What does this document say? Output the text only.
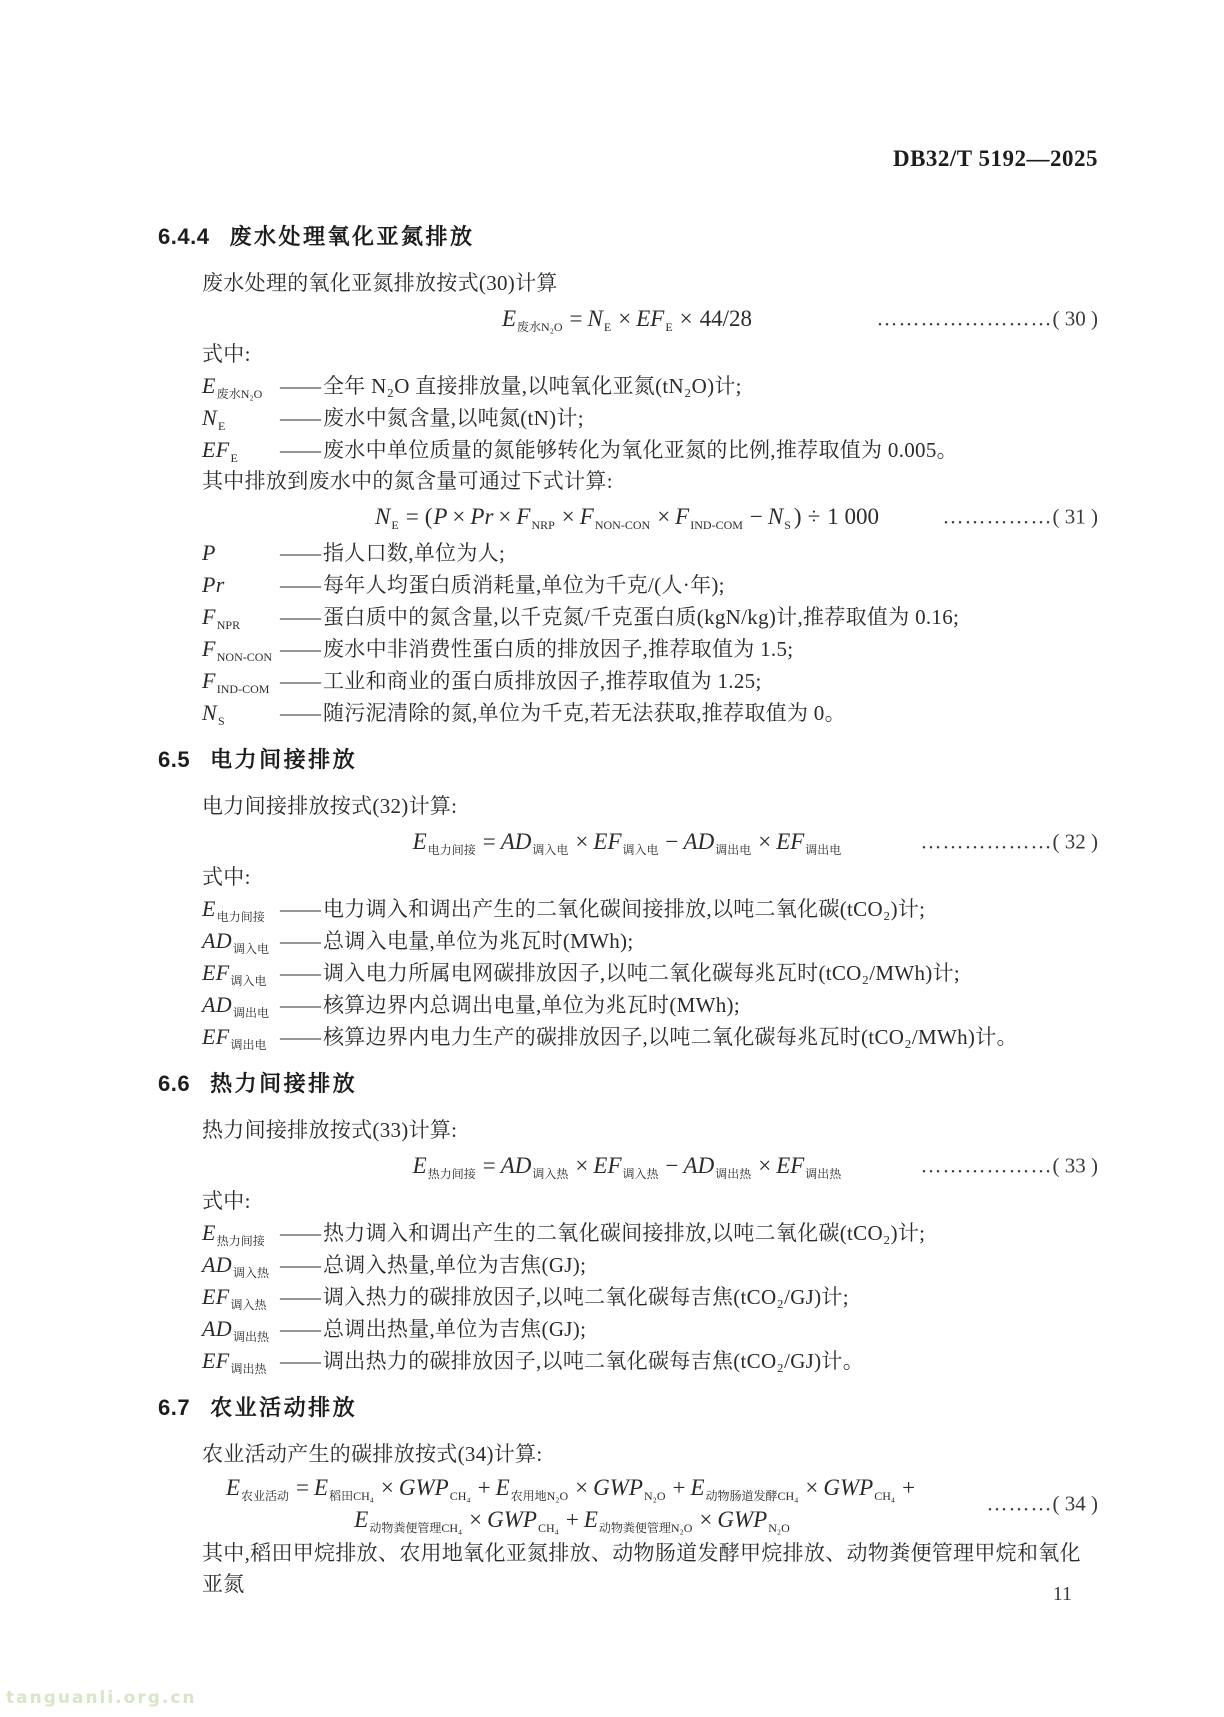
DB32/T 5192—2025
6.4.4 废水处理氧化亚氮排放
废水处理的氧化亚氮排放按式(30)计算
$E_{废水N_2O} = N_E \times EF_E \times 44/28$	……………………( 30 )
式中:
$E_{废水N_2O}$ —— 全年 N₂O 直接排放量,以吨氧化亚氮(tN₂O)计;
$N_E$	—— 废水中氮含量,以吨氮(tN)计;
$EF_E$	—— 废水中单位质量的氮能够转化为氧化亚氮的比例,推荐取值为 0.005。
其中排放到废水中的氮含量可通过下式计算:
$N_E = (P \times Pr \times F_{NRP} \times F_{NON-CON} \times F_{IND-COM} - N_S$ ) ÷ 1 000	……………( 31 )
P	—— 指人口数,单位为人;
Pr	—— 每年人均蛋白质消耗量,单位为千克/(人·年);
$F_{NPR}$	—— 蛋白质中的氮含量,以千克氮/千克蛋白质(kgN/kg)计,推荐取值为 0.16;
$F_{NON-CON}$ —— 废水中非消费性蛋白质的排放因子,推荐取值为 1.5;
$F_{IND-COM}$ —— 工业和商业的蛋白质排放因子,推荐取值为 1.25;
$N_S$	—— 随污泥清除的氮,单位为千克,若无法获取,推荐取值为 0。
6.5 电力间接排放
电力间接排放按式(32)计算:
$E_{电力间接} = AD_{调入电} \times EF_{调入电} - AD_{调出电} \times EF_{调出电}$	………………( 32 )
式中:
$E_{电力间接}$ —— 电力调入和调出产生的二氧化碳间接排放,以吨二氧化碳(tCO₂)计;
$AD_{调入电}$ —— 总调入电量,单位为兆瓦时(MWh);
$EF_{调入电}$ —— 调入电力所属电网碳排放因子,以吨二氧化碳每兆瓦时(tCO₂/MWh)计;
$AD_{调出电}$ —— 核算边界内总调出电量,单位为兆瓦时(MWh);
$EF_{调出电}$ —— 核算边界内电力生产的碳排放因子,以吨二氧化碳每兆瓦时(tCO₂/MWh)计。
6.6 热力间接排放
热力间接排放按式(33)计算:
$E_{热力间接} = AD_{调入热} \times EF_{调入热} - AD_{调出热} \times EF_{调出热}$	………………( 33 )
式中:
$E_{热力间接}$ —— 热力调入和调出产生的二氧化碳间接排放,以吨二氧化碳(tCO₂)计;
$AD_{调入热}$ —— 总调入热量,单位为吉焦(GJ);
$EF_{调入热}$ —— 调入热力的碳排放因子,以吨二氧化碳每吉焦(tCO₂/GJ)计;
$AD_{调出热}$ —— 总调出热量,单位为吉焦(GJ);
$EF_{调出热}$ —— 调出热力的碳排放因子,以吨二氧化碳每吉焦(tCO₂/GJ)计。
6.7 农业活动排放
农业活动产生的碳排放按式(34)计算:
$E_{农业活动} = E_{稻田CH_4} \times GWP_{CH_4} + E_{农用地N_2O} \times GWP_{N_2O} + E_{动物肠道发酵CH_4} \times GWP_{CH_4}$ +
$E_{动物粪便管理CH_4} \times GWP_{CH_4} + E_{动物粪便管理N_2O} \times GWP_{N_2O}$
………( 34 )
其中,稻田甲烷排放、农用地氧化亚氮排放、动物肠道发酵甲烷排放、动物粪便管理甲烷和氧化亚氮	11
tanguanli.org.cn
